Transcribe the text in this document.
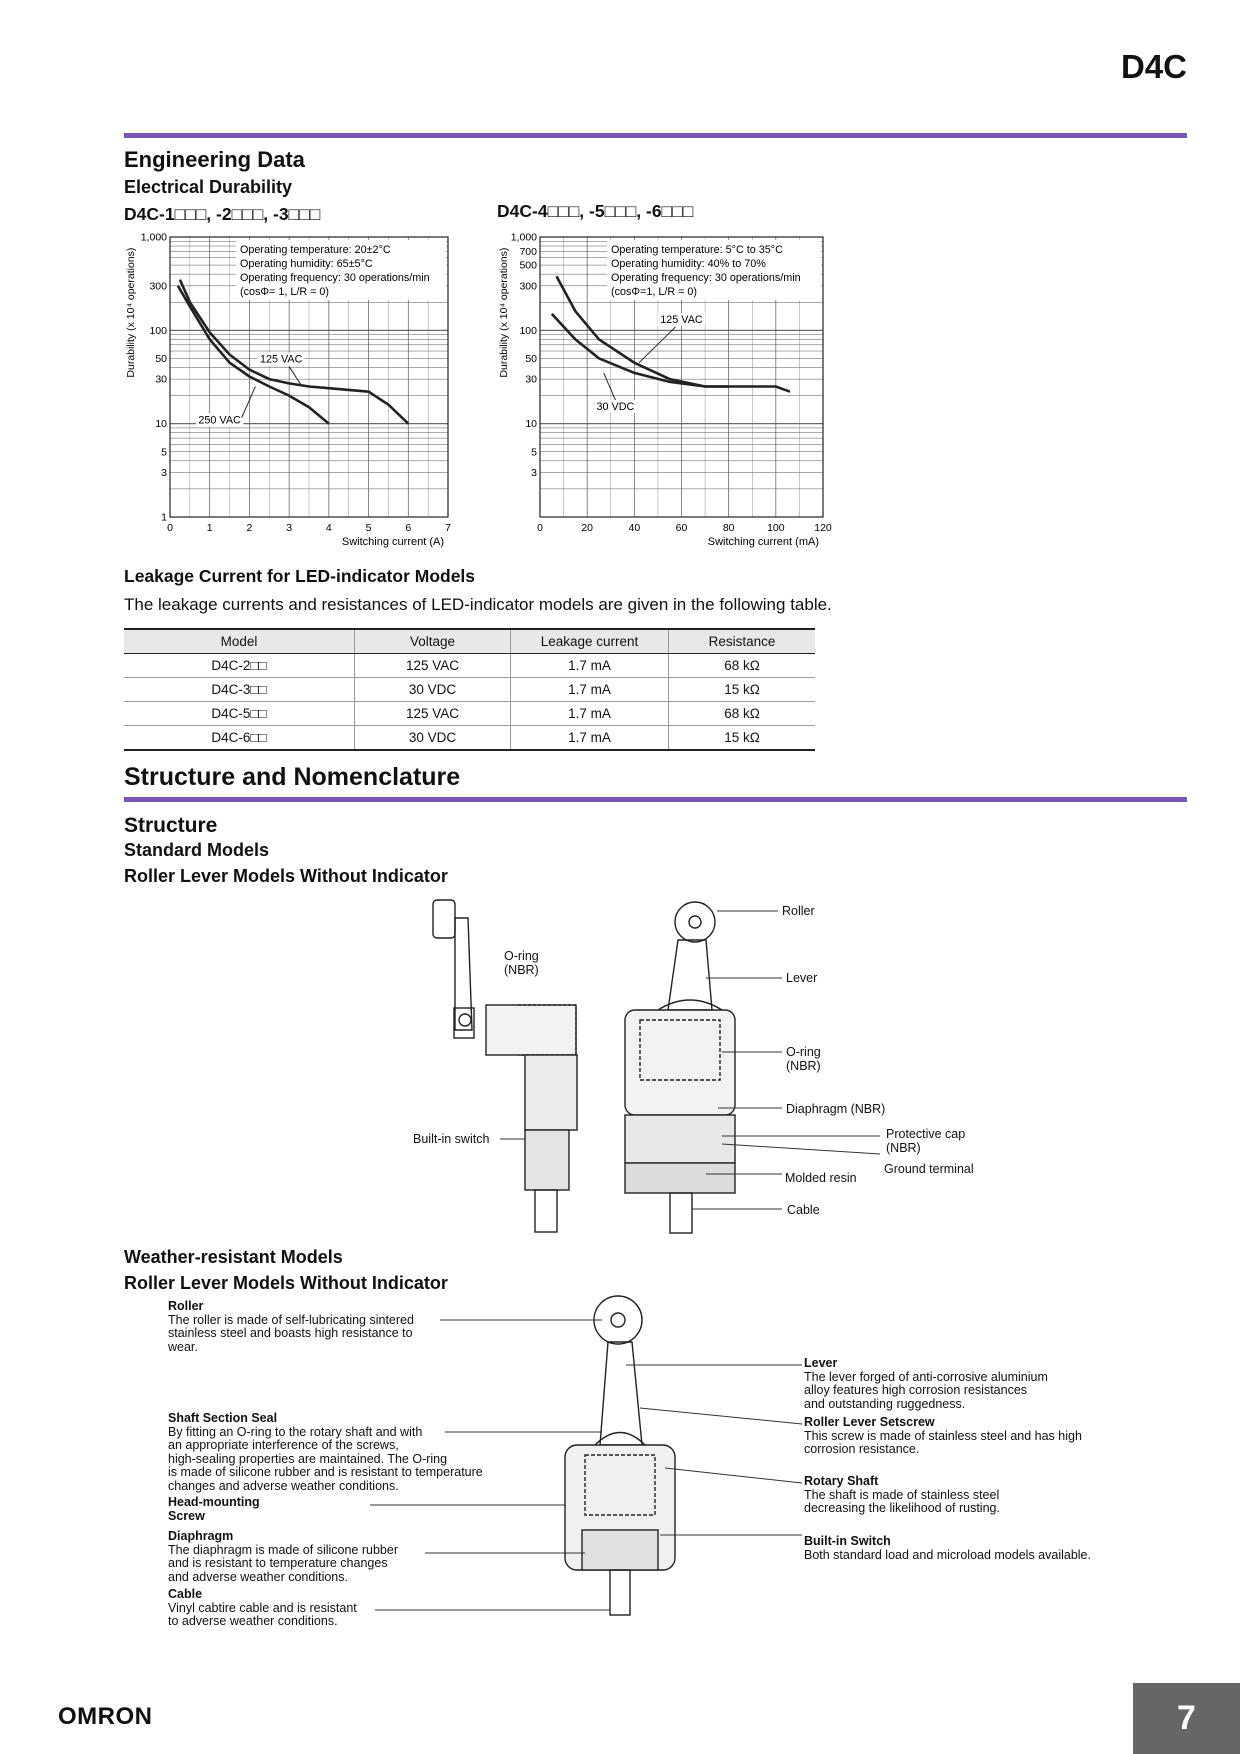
D4C
Engineering Data
Electrical Durability
D4C-1□□□, -2□□□, -3□□□	D4C-4□□□, -5□□□, -6□□□
0	1	2	3	4	5	6	7
1
3
5
10
30
50
100
300
1,000
Switching current (A)
Durability (x 10⁴ operations)	Operating temperature: 20±2°C
Operating humidity: 65±5°C
Operating frequency: 30 operations/min
(cosΦ= 1, L/R = 0)
125 VAC
250 VAC
0	20	40	60	80	100	120
3
5
10
30
50
100
300
500
700
1,000
Switching current (mA)
Durability (x 10⁴ operations)	Operating temperature: 5°C to 35°C
Operating humidity: 40% to 70%
Operating frequency: 30 operations/min
(cosΦ=1, L/R = 0)
125 VAC
30 VDC
Leakage Current for LED-indicator Models
The leakage currents and resistances of LED-indicator models are given in the following table.
Model	Voltage	Leakage current	Resistance
D4C-2□□	125 VAC	1.7 mA	68 kΩ
D4C-3□□	30 VDC	1.7 mA	15 kΩ
D4C-5□□	125 VAC	1.7 mA	68 kΩ
D4C-6□□	30 VDC	1.7 mA	15 kΩ
Structure and Nomenclature
Structure
Standard Models
Roller Lever Models Without Indicator
O-ring
(NBR)
Built-in switch
Roller
Lever
O-ring
(NBR)
Diaphragm (NBR)
Protective cap
(NBR)
Ground terminal
Molded resin
Cable
Weather-resistant Models
Roller Lever Models Without Indicator
Roller
The roller is made of self-lubricating sintered
stainless steel and boasts high resistance to
wear.
Shaft Section Seal
By fitting an O-ring to the rotary shaft and with
an appropriate interference of the screws,
high-sealing properties are maintained. The O-ring
is made of silicone rubber and is resistant to temperature
changes and adverse weather conditions.
Head-mounting
Screw
Diaphragm
The diaphragm is made of silicone rubber
and is resistant to temperature changes
and adverse weather conditions.
Cable
Vinyl cabtire cable and is resistant
to adverse weather conditions.
Lever
The lever forged of anti-corrosive aluminium
alloy features high corrosion resistances
and outstanding ruggedness.
Roller Lever Setscrew
This screw is made of stainless steel and has high
corrosion resistance.
Rotary Shaft
The shaft is made of stainless steel
decreasing the likelihood of rusting.
Built-in Switch
Both standard load and microload models available.
OMRON	7
